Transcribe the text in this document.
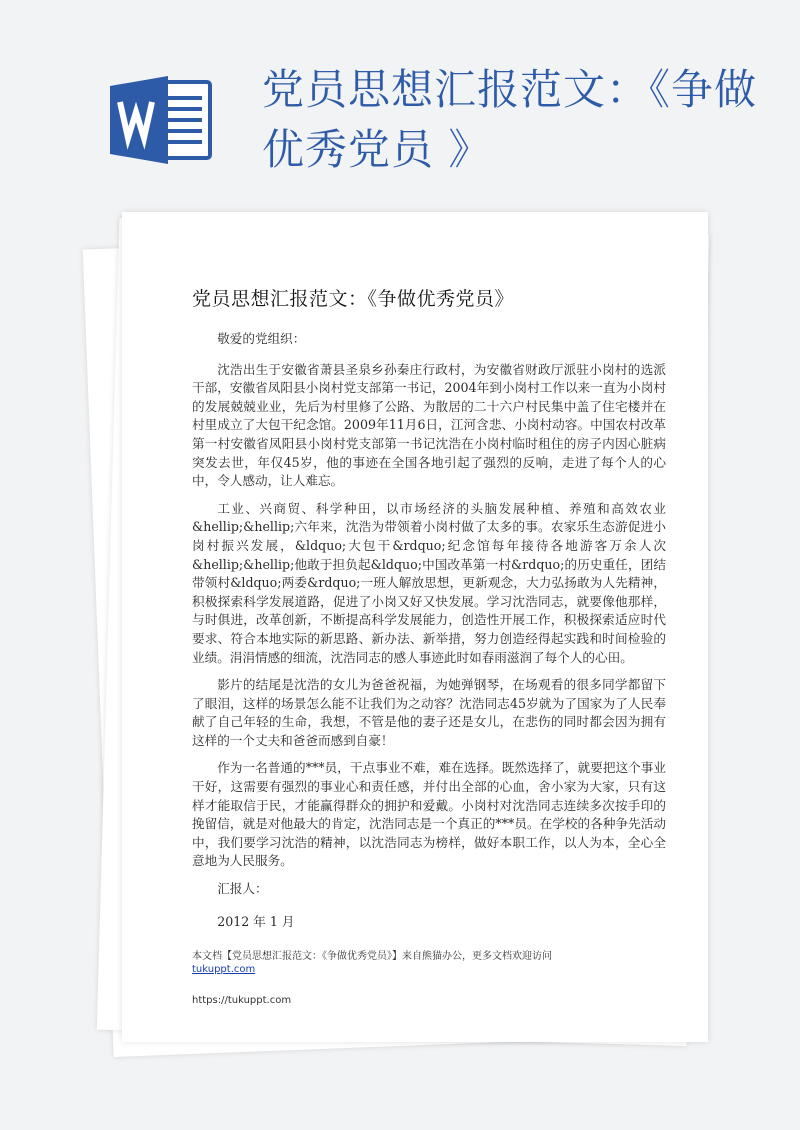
党员思想汇报范文：《争做优秀党员 》
党员思想汇报范文：《争做优秀党员》

敬爱的党组织：

沈浩出生于安徽省萧县圣泉乡孙秦庄行政村，为安徽省财政厅派驻小岗村的选派干部，安徽省凤阳县小岗村党支部第一书记，2004年到小岗村工作以来一直为小岗村的发展兢兢业业，先后为村里修了公路、为散居的二十六户村民集中盖了住宅楼并在村里成立了大包干纪念馆。2009年11月6日，江河含悲、小岗村动容。中国农村改革第一村安徽省凤阳县小岗村党支部第一书记沈浩在小岗村临时租住的房子内因心脏病突发去世，年仅45岁，他的事迹在全国各地引起了强烈的反响，走进了每个人的心中，令人感动，让人难忘。

工业、兴商贸、科学种田，以市场经济的头脑发展种植、养殖和高效农业&hellip;&hellip;六年来，沈浩为带领着小岗村做了太多的事。农家乐生态游促进小岗村振兴发展，&ldquo;大包干&rdquo;纪念馆每年接待各地游客万余人次&hellip;&hellip;他敢于担负起&ldquo;中国改革第一村&rdquo;的历史重任，团结带领村&ldquo;两委&rdquo;一班人解放思想，更新观念，大力弘扬敢为人先精神，积极探索科学发展道路，促进了小岗又好又快发展。学习沈浩同志，就要像他那样，与时俱进，改革创新，不断提高科学发展能力，创造性开展工作，积极探索适应时代要求、符合本地实际的新思路、新办法、新举措，努力创造经得起实践和时间检验的业绩。涓涓情感的细流，沈浩同志的感人事迹此时如春雨滋润了每个人的心田。

影片的结尾是沈浩的女儿为爸爸祝福，为她弹钢琴，在场观看的很多同学都留下了眼泪，这样的场景怎么能不让我们为之动容？沈浩同志45岁就为了国家为了人民奉献了自己年轻的生命，我想，不管是他的妻子还是女儿，在悲伤的同时都会因为拥有这样的一个丈夫和爸爸而感到自豪！

作为一名普通的***员，干点事业不难，难在选择。既然选择了，就要把这个事业干好，这需要有强烈的事业心和责任感，并付出全部的心血，舍小家为大家，只有这样才能取信于民，才能赢得群众的拥护和爱戴。小岗村对沈浩同志连续多次按手印的挽留信，就是对他最大的肯定，沈浩同志是一个真正的***员。在学校的各种争先活动中，我们要学习沈浩的精神，以沈浩同志为榜样，做好本职工作，以人为本，全心全意地为人民服务。

汇报人：

2012 年 1 月

本文档【党员思想汇报范文：《争做优秀党员》】来自熊猫办公，更多文档欢迎访问
tukuppt.com
https://tukuppt.com
